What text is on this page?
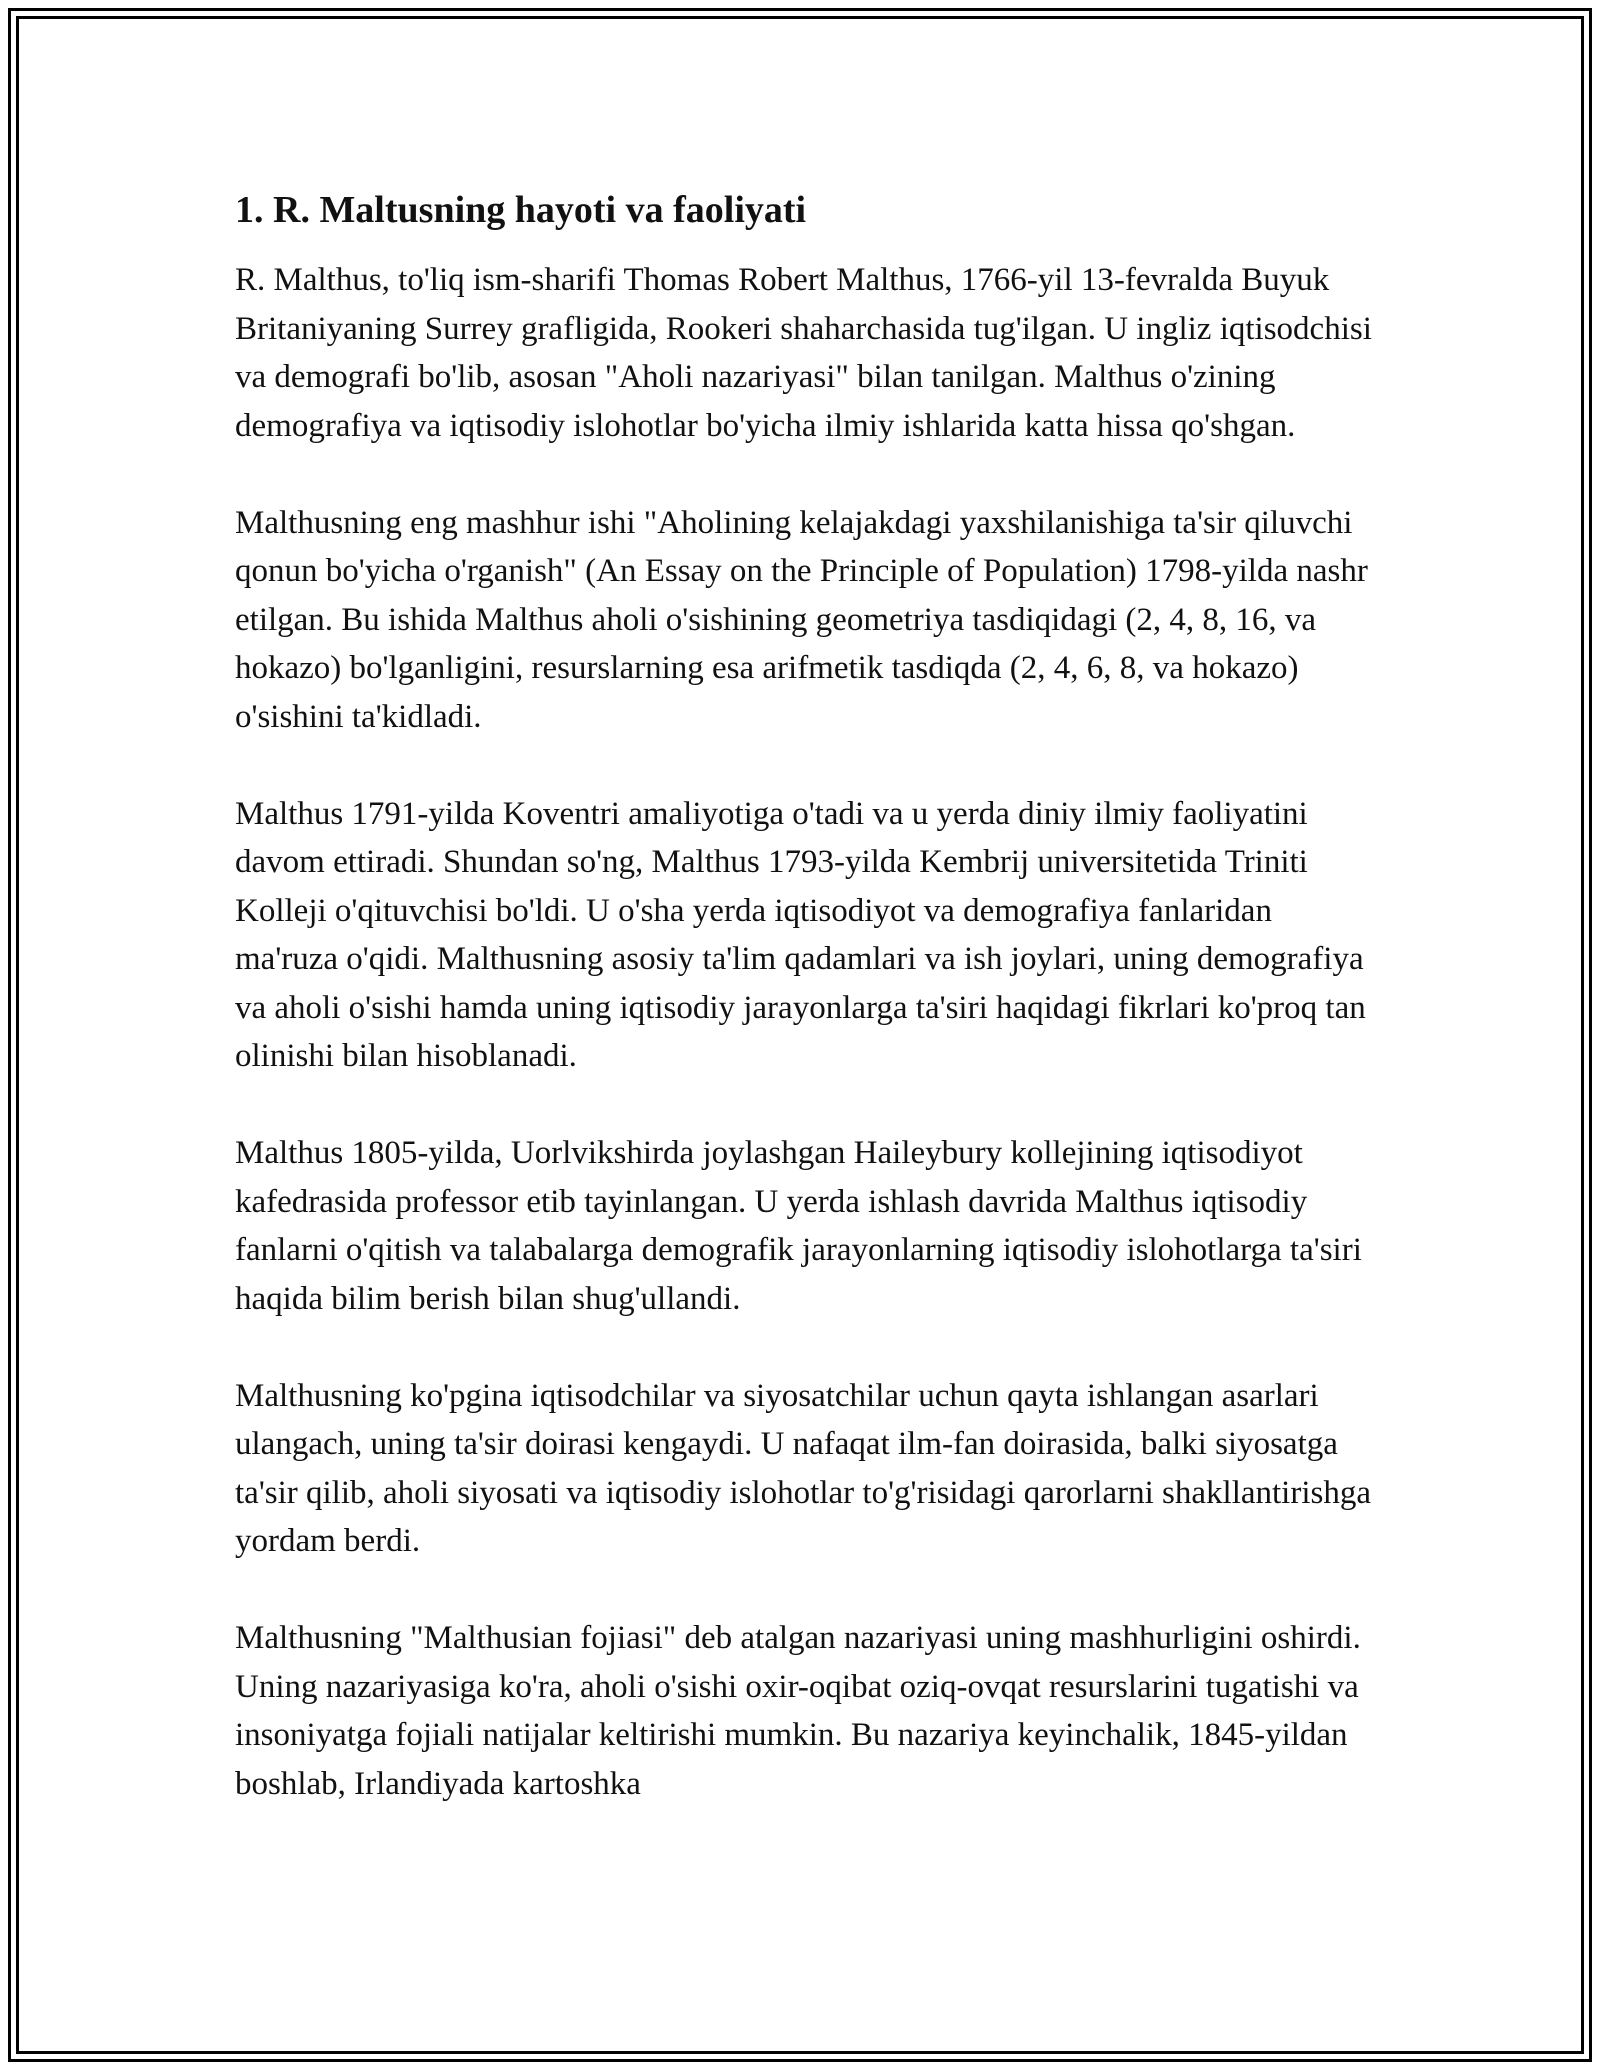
1. R. Maltusning hayoti va faoliyati

R. Malthus, to'liq ism-sharifi Thomas Robert Malthus, 1766-yil 13-fevralda Buyuk Britaniyaning Surrey grafligida, Rookeri shaharchasida tug'ilgan. U ingliz iqtisodchisi va demografi bo'lib, asosan "Aholi nazariyasi" bilan tanilgan. Malthus o'zining demografiya va iqtisodiy islohotlar bo'yicha ilmiy ishlarida katta hissa qo'shgan.

Malthusning eng mashhur ishi "Aholining kelajakdagi yaxshilanishiga ta'sir qiluvchi qonun bo'yicha o'rganish" (An Essay on the Principle of Population) 1798-yilda nashr etilgan. Bu ishida Malthus aholi o'sishining geometriya tasdiqidagi (2, 4, 8, 16, va hokazo) bo'lganligini, resurslarning esa arifmetik tasdiqda (2, 4, 6, 8, va hokazo) o'sishini ta'kidladi.

Malthus 1791-yilda Koventri amaliyotiga o'tadi va u yerda diniy ilmiy faoliyatini davom ettiradi. Shundan so'ng, Malthus 1793-yilda Kembrij universitetida Triniti Kolleji o'qituvchisi bo'ldi. U o'sha yerda iqtisodiyot va demografiya fanlaridan ma'ruza o'qidi. Malthusning asosiy ta'lim qadamlari va ish joylari, uning demografiya va aholi o'sishi hamda uning iqtisodiy jarayonlarga ta'siri haqidagi fikrlari ko'proq tan olinishi bilan hisoblanadi.

Malthus 1805-yilda, Uorlvikshirda joylashgan Haileybury kollejining iqtisodiyot kafedrasida professor etib tayinlangan. U yerda ishlash davrida Malthus iqtisodiy fanlarni o'qitish va talabalarga demografik jarayonlarning iqtisodiy islohotlarga ta'siri haqida bilim berish bilan shug'ullandi.

Malthusning ko'pgina iqtisodchilar va siyosatchilar uchun qayta ishlangan asarlari ulangach, uning ta'sir doirasi kengaydi. U nafaqat ilm-fan doirasida, balki siyosatga ta'sir qilib, aholi siyosati va iqtisodiy islohotlar to'g'risidagi qarorlarni shakllantirishga yordam berdi.

Malthusning "Malthusian fojiasi" deb atalgan nazariyasi uning mashhurligini oshirdi. Uning nazariyasiga ko'ra, aholi o'sishi oxir-oqibat oziq-ovqat resurslarini tugatishi va insoniyatga fojiali natijalar keltirishi mumkin. Bu nazariya keyinchalik, 1845-yildan boshlab, Irlandiyada kartoshka
